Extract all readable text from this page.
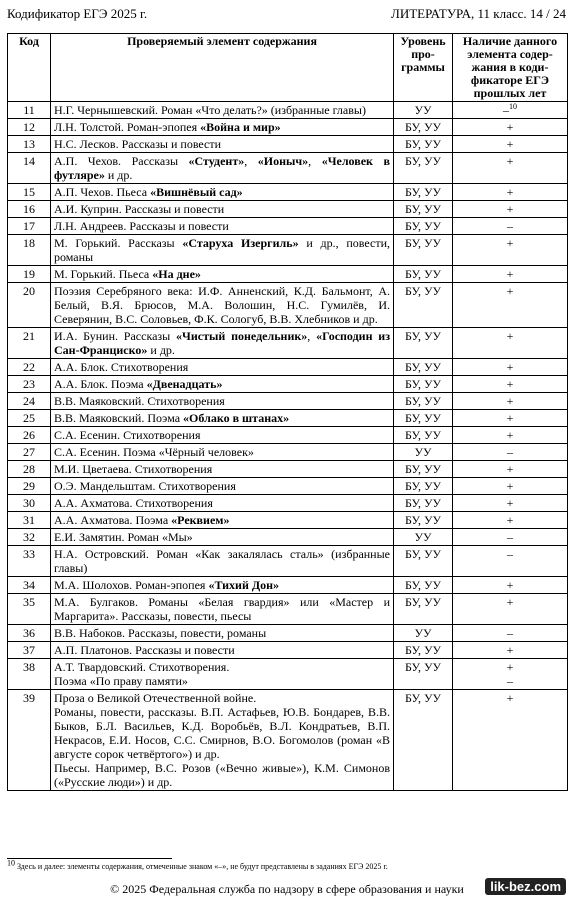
Кодификатор ЕГЭ 2025 г.	ЛИТЕРАТУРА, 11 класс. 14 / 24
Код	Проверяемый элемент содержания	Уровень про-граммы	Наличие данного элемента содер-жания в коди-фикаторе ЕГЭ прошлых лет
11	Н.Г. Чернышевский. Роман «Что делать?» (избранные главы)	УУ	–$^{10}$
12	Л.Н. Толстой. Роман-эпопея «Война и мир»	БУ, УУ	+
13	Н.С. Лесков. Рассказы и повести	БУ, УУ	+
14	А.П. Чехов. Рассказы «Студент», «Ионыч», «Человек в футляре» и др.	БУ, УУ	+
15	А.П. Чехов. Пьеса «Вишнёвый сад»	БУ, УУ	+
16	А.И. Куприн. Рассказы и повести	БУ, УУ	+
17	Л.Н. Андреев. Рассказы и повести	БУ, УУ	–
18	М. Горький. Рассказы «Старуха Изергиль» и др., повести, романы	БУ, УУ	+
19	М. Горький. Пьеса «На дне»	БУ, УУ	+
20	Поэзия Серебряного века: И.Ф. Анненский, К.Д. Бальмонт, А. Белый, В.Я. Брюсов, М.А. Волошин, Н.С. Гумилёв, И. Северянин, В.С. Соловьев, Ф.К. Сологуб, В.В. Хлебников и др.	БУ, УУ	+
21	И.А. Бунин. Рассказы «Чистый понедельник», «Господин из Сан-Франциско» и др.	БУ, УУ	+
22	А.А. Блок. Стихотворения	БУ, УУ	+
23	А.А. Блок. Поэма «Двенадцать»	БУ, УУ	+
24	В.В. Маяковский. Стихотворения	БУ, УУ	+
25	В.В. Маяковский. Поэма «Облако в штанах»	БУ, УУ	+
26	С.А. Есенин. Стихотворения	БУ, УУ	+
27	С.А. Есенин. Поэма «Чёрный человек»	УУ	–
28	М.И. Цветаева. Стихотворения	БУ, УУ	+
29	О.Э. Мандельштам. Стихотворения	БУ, УУ	+
30	А.А. Ахматова. Стихотворения	БУ, УУ	+
31	А.А. Ахматова. Поэма «Реквием»	БУ, УУ	+
32	Е.И. Замятин. Роман «Мы»	УУ	–
33	Н.А. Островский. Роман «Как закалялась сталь» (избранные главы)	БУ, УУ	–
34	М.А. Шолохов. Роман-эпопея «Тихий Дон»	БУ, УУ	+
35	М.А. Булгаков. Романы «Белая гвардия» или «Мастер и Маргарита». Рассказы, повести, пьесы	БУ, УУ	+
36	В.В. Набоков. Рассказы, повести, романы	УУ	–
37	А.П. Платонов. Рассказы и повести	БУ, УУ	+
38	А.Т. Твардовский. Стихотворения.
Поэма «По праву памяти»	БУ, УУ	+
–
39	Проза о Великой Отечественной войне.
Романы, повести, рассказы. В.П. Астафьев, Ю.В. Бондарев, В.В. Быков, Б.Л. Васильев, К.Д. Воробьёв, В.Л. Кондратьев, В.П. Некрасов, Е.И. Носов, С.С. Смирнов, В.О. Богомолов (роман «В августе сорок четвёртого») и др.
Пьесы. Например, В.С. Розов («Вечно живые»), К.М. Симонов («Русские люди») и др.	БУ, УУ	+
10 Здесь и далее: элементы содержания, отмеченные знаком «–», не будут представлены в заданиях ЕГЭ 2025 г.
© 2025 Федеральная служба по надзору в сфере образования и науки	lik-bez.com
